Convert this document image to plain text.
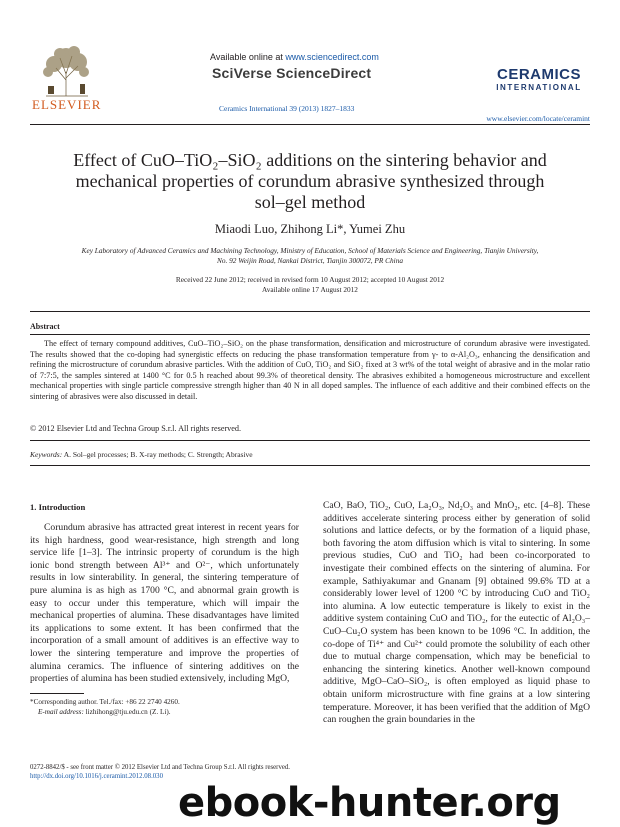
ELSEVIER
Available online at www.sciencedirect.com
SciVerse ScienceDirect
Ceramics International 39 (2013) 1827–1833
CERAMICS
INTERNATIONAL
www.elsevier.com/locate/ceramint
Effect of CuO–TiO₂–SiO₂ additions on the sintering behavior and
mechanical properties of corundum abrasive synthesized through
sol–gel method
Miaodi Luo, Zhihong Li*, Yumei Zhu
Key Laboratory of Advanced Ceramics and Machining Technology, Ministry of Education, School of Materials Science and Engineering, Tianjin University,
No. 92 Weijin Road, Nankai District, Tianjin 300072, PR China
Received 22 June 2012; received in revised form 10 August 2012; accepted 10 August 2012
Available online 17 August 2012
Abstract
The effect of ternary compound additives, CuO–TiO₂–SiO₂ on the phase transformation, densification and microstructure of corundum abrasive were investigated. The results showed that the co-doping had synergistic effects on reducing the phase transformation temperature from γ- to α-Al₂O₃, enhancing the densification and refining the microstructure of corundum abrasive particles. With the addition of CuO, TiO₂ and SiO₂ fixed at 3 wt% of the total weight of abrasive and in the molar ratio of 7:7:5, the samples sintered at 1400 °C for 0.5 h reached about 99.3% of theoretical density. The abrasives exhibited a homogeneous microstructure and excellent mechanical properties with single particle compressive strength higher than 40 N in all doped samples. The influence of each additive and their combined effects on the sintering of abrasives were also discussed in detail.
© 2012 Elsevier Ltd and Techna Group S.r.l. All rights reserved.
Keywords: A. Sol–gel processes; B. X-ray methods; C. Strength; Abrasive
1. Introduction
Corundum abrasive has attracted great interest in recent years for its high hardness, good wear-resistance, high strength and long service life [1–3]. The intrinsic property of corundum is the high ionic bond strength between Al³⁺ and O²⁻, which unfortunately results in low sinterability. In general, the sintering temperature of pure alumina is as high as 1700 °C, and abnormal grain growth is easy to occur under this temperature, which will impair the mechanical properties of alumina. These disadvantages have limited its applications to some extent. It has been confirmed that the incorporation of a small amount of additives is an effective way to lower the sintering temperature and improve the properties of alumina ceramics. The influence of sintering additives on the properties of alumina has been studied extensively, including MgO,
CaO, BaO, TiO₂, CuO, La₂O₃, Nd₂O₃ and MnO₂, etc. [4–8]. These additives accelerate sintering process either by generation of solid solutions and lattice defects, or by the formation of a liquid phase, both favoring the atom diffusion which is vital to sintering. In some previous studies, CuO and TiO₂ had been co-incorporated to investigate their combined effects on the sintering of alumina. For example, Sathiyakumar and Gnanam [9] obtained 99.6% TD at a considerably lower level of 1200 °C by introducing CuO and TiO₂ into alumina. A low eutectic temperature is likely to exist in the additive system containing CuO and TiO₂, for the eutectic of Al₂O₃–CuO–Cu₂O system has been known to be 1096 °C. In addition, the co-dope of Ti⁴⁺ and Cu²⁺ could promote the solubility of each other due to mutual charge compensation, which may be beneficial to enhancing the sintering kinetics. Another well-known compound additive, MgO–CaO–SiO₂, is often employed as liquid phase to obtain uniform microstructure with fine grains at a low sintering temperature. Moreover, it has been verified that the addition of MgO can roughen the grain boundaries in the
*Corresponding author. Tel./fax: +86 22 2740 4260.
E-mail address: lizhihong@tju.edu.cn (Z. Li).
0272-8842/$ - see front matter © 2012 Elsevier Ltd and Techna Group S.r.l. All rights reserved.
http://dx.doi.org/10.1016/j.ceramint.2012.08.030
ebook-hunter.org
